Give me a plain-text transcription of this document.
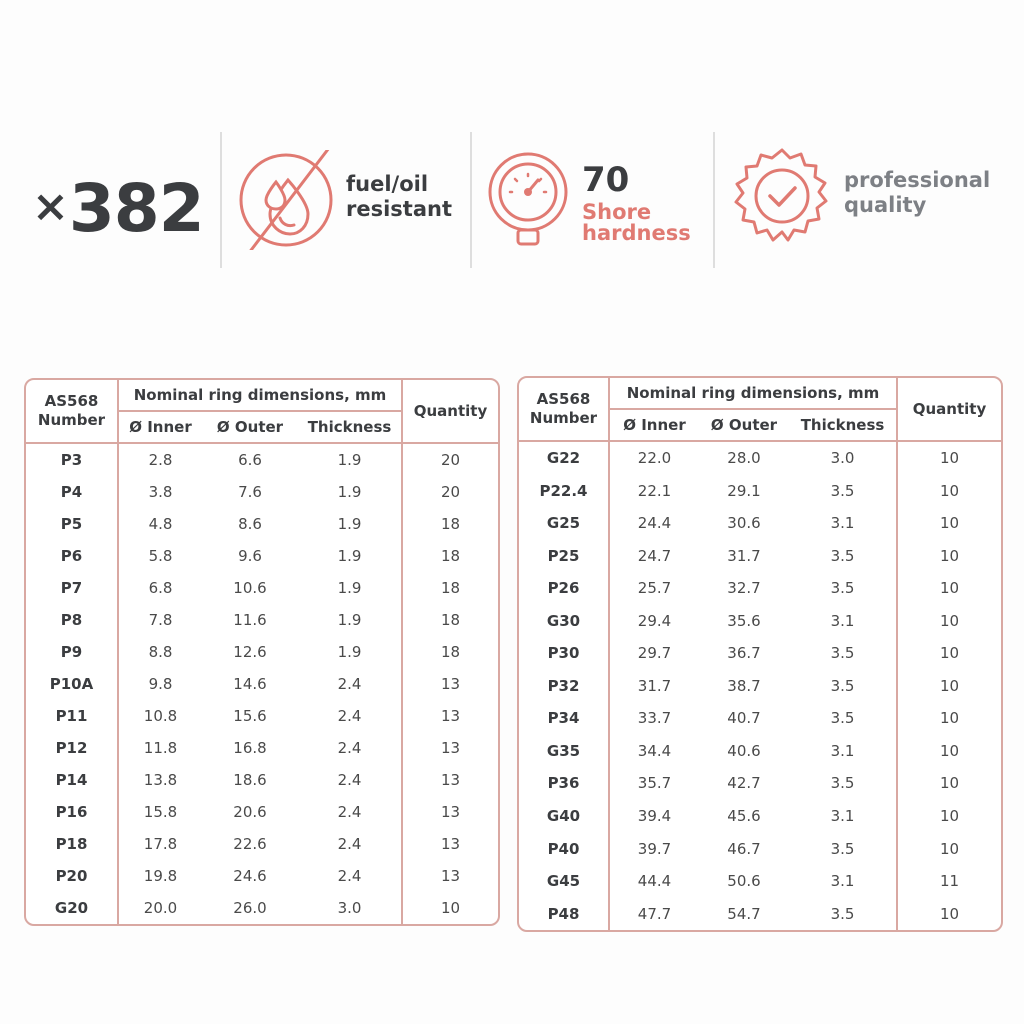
×382	fuel/oil
resistant
70
Shore
hardness
professional
quality
AS568 Number	Nominal ring dimensions, mm			Quantity
	Ø Inner	Ø Outer	Thickness	
P3	2.8	6.6	1.9	20
P4	3.8	7.6	1.9	20
P5	4.8	8.6	1.9	18
P6	5.8	9.6	1.9	18
P7	6.8	10.6	1.9	18
P8	7.8	11.6	1.9	18
P9	8.8	12.6	1.9	18
P10A	9.8	14.6	2.4	13
P11	10.8	15.6	2.4	13
P12	11.8	16.8	2.4	13
P14	13.8	18.6	2.4	13
P16	15.8	20.6	2.4	13
P18	17.8	22.6	2.4	13
P20	19.8	24.6	2.4	13
G20	20.0	26.0	3.0	10
AS568 Number	Nominal ring dimensions, mm			Quantity
	Ø Inner	Ø Outer	Thickness	
G22	22.0	28.0	3.0	10
P22.4	22.1	29.1	3.5	10
G25	24.4	30.6	3.1	10
P25	24.7	31.7	3.5	10
P26	25.7	32.7	3.5	10
G30	29.4	35.6	3.1	10
P30	29.7	36.7	3.5	10
P32	31.7	38.7	3.5	10
P34	33.7	40.7	3.5	10
G35	34.4	40.6	3.1	10
P36	35.7	42.7	3.5	10
G40	39.4	45.6	3.1	10
P40	39.7	46.7	3.5	10
G45	44.4	50.6	3.1	11
P48	47.7	54.7	3.5	10
